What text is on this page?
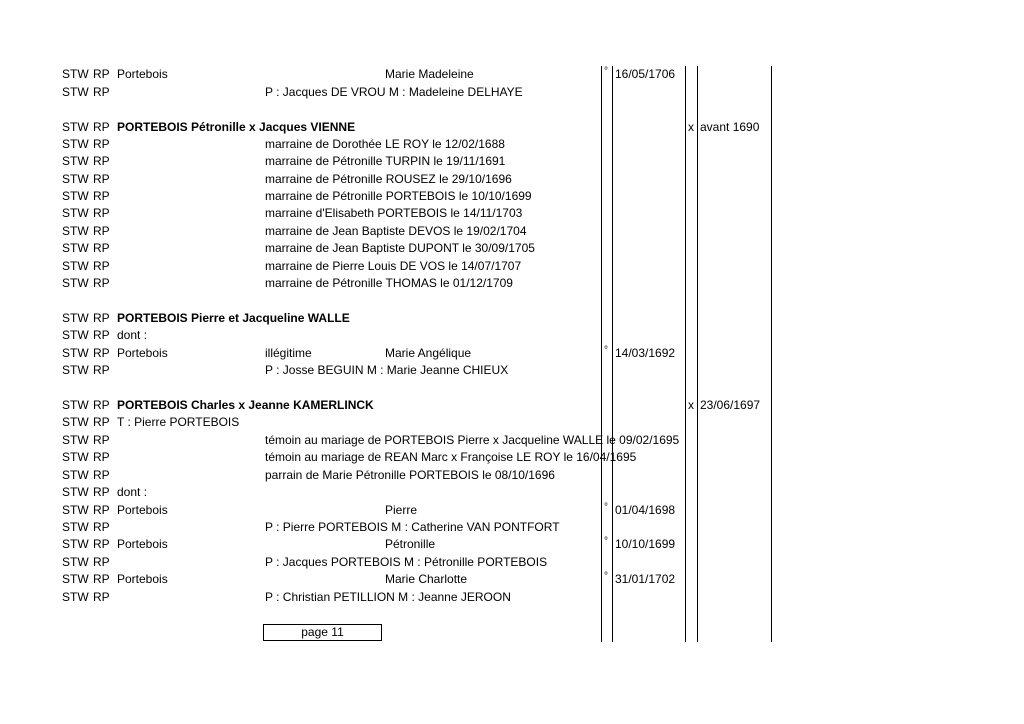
STW RP Portebois	Marie Madeleine	° 16/05/1706
STW RP	P : Jacques DE VROU M : Madeleine DELHAYE
STW RP PORTEBOIS Pétronille x Jacques VIENNE	x avant 1690
STW RP	marraine de Dorothée LE ROY le 12/02/1688
STW RP	marraine de Pétronille TURPIN le 19/11/1691
STW RP	marraine de Pétronille ROUSEZ le 29/10/1696
STW RP	marraine de Pétronille PORTEBOIS le 10/10/1699
STW RP	marraine d'Elisabeth PORTEBOIS le 14/11/1703
STW RP	marraine de Jean Baptiste DEVOS le 19/02/1704
STW RP	marraine de Jean Baptiste DUPONT le 30/09/1705
STW RP	marraine de Pierre Louis DE VOS le 14/07/1707
STW RP	marraine de Pétronille THOMAS le 01/12/1709
STW RP PORTEBOIS Pierre et Jacqueline WALLE
STW RP dont :
STW RP Portebois	illégitime	Marie Angélique	° 14/03/1692
STW RP	P : Josse BEGUIN M : Marie Jeanne CHIEUX
STW RP PORTEBOIS Charles x Jeanne KAMERLINCK	x 23/06/1697
STW RP T : Pierre PORTEBOIS
STW RP	témoin au mariage de PORTEBOIS Pierre x Jacqueline WALLE le 09/02/1695
STW RP	témoin au mariage de REAN Marc x Françoise LE ROY le 16/04/1695
STW RP	parrain de Marie Pétronille PORTEBOIS le 08/10/1696
STW RP dont :
STW RP Portebois	Pierre	° 01/04/1698
STW RP	P : Pierre PORTEBOIS M : Catherine VAN PONTFORT
STW RP Portebois	Pétronille	° 10/10/1699
STW RP	P : Jacques PORTEBOIS M : Pétronille PORTEBOIS
STW RP Portebois	Marie Charlotte	° 31/01/1702
STW RP	P : Christian PETILLION M : Jeanne JEROON
page 11
